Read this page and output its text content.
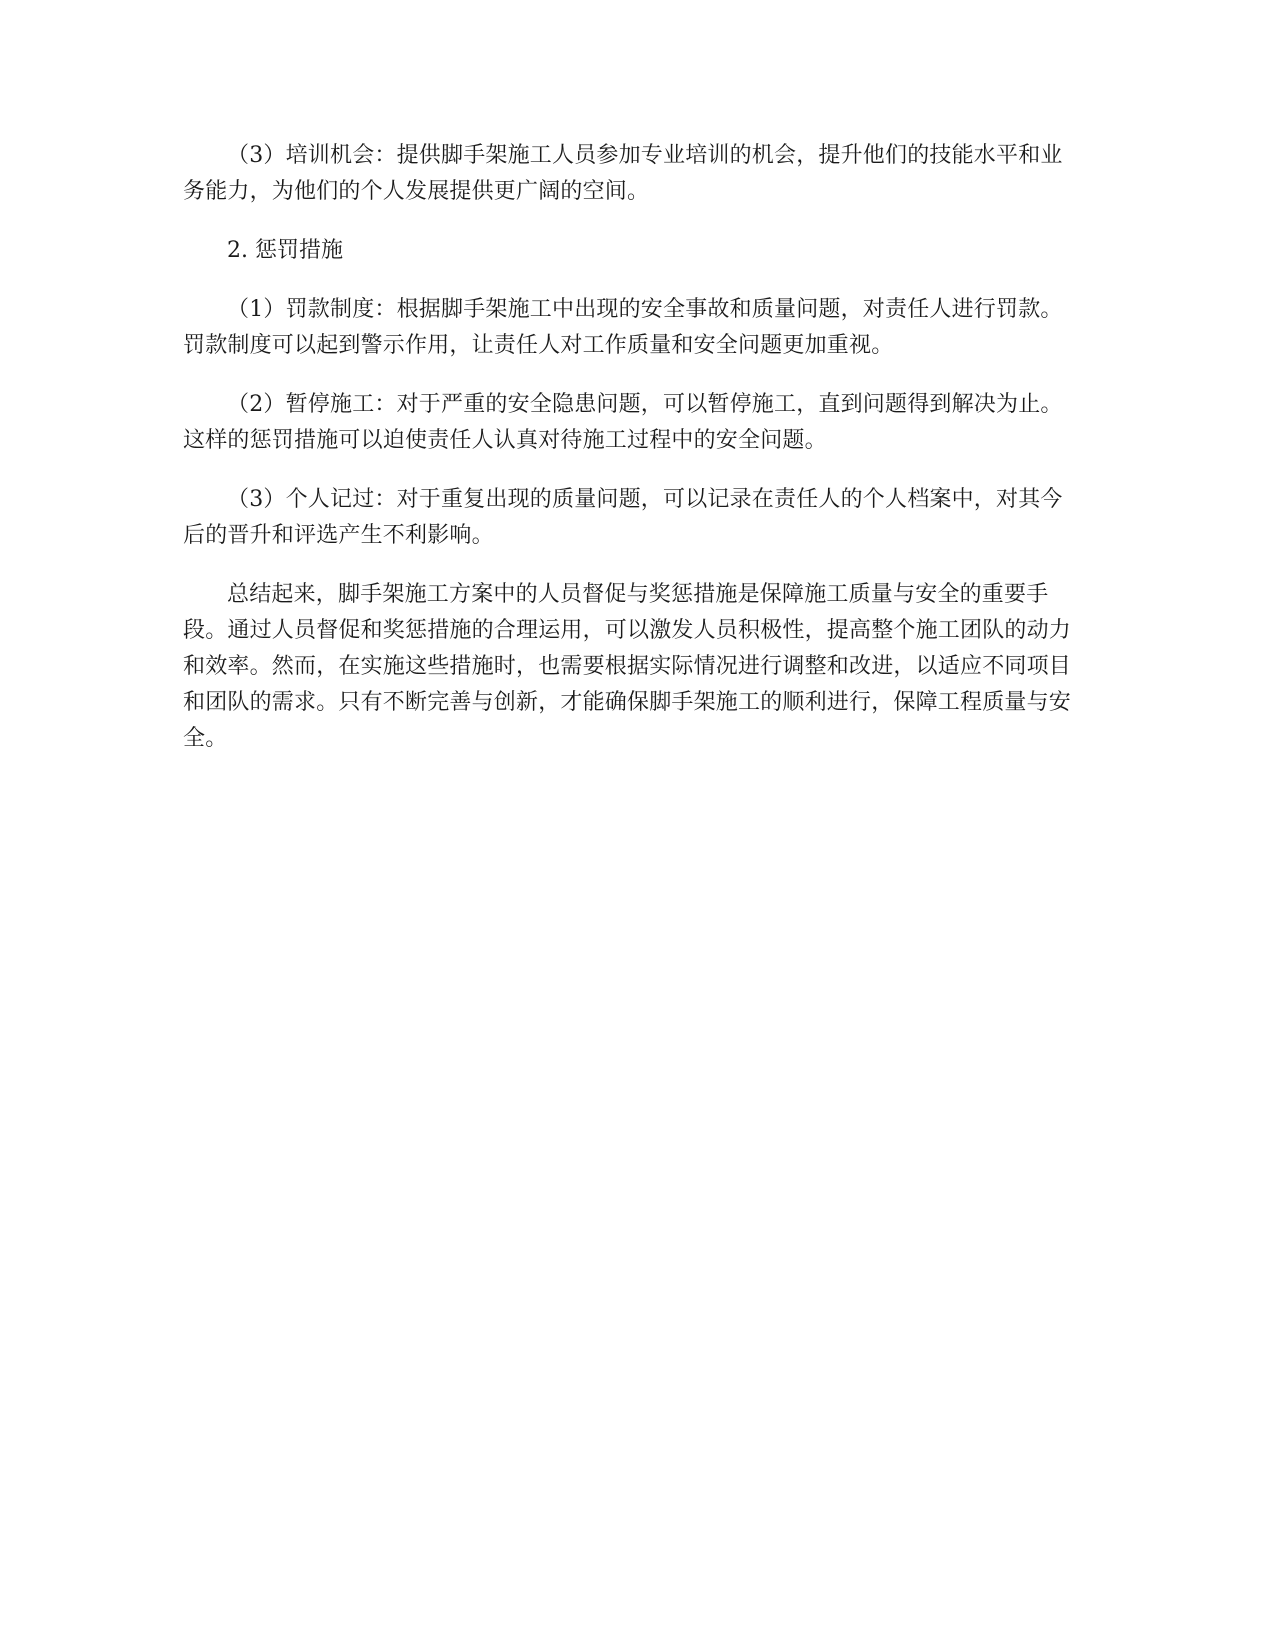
（3）培训机会：提供脚手架施工人员参加专业培训的机会，提升他们的技能水平和业务能力，为他们的个人发展提供更广阔的空间。

2. 惩罚措施

（1）罚款制度：根据脚手架施工中出现的安全事故和质量问题，对责任人进行罚款。罚款制度可以起到警示作用，让责任人对工作质量和安全问题更加重视。

（2）暂停施工：对于严重的安全隐患问题，可以暂停施工，直到问题得到解决为止。这样的惩罚措施可以迫使责任人认真对待施工过程中的安全问题。

（3）个人记过：对于重复出现的质量问题，可以记录在责任人的个人档案中，对其今后的晋升和评选产生不利影响。

总结起来，脚手架施工方案中的人员督促与奖惩措施是保障施工质量与安全的重要手段。通过人员督促和奖惩措施的合理运用，可以激发人员积极性，提高整个施工团队的动力和效率。然而，在实施这些措施时，也需要根据实际情况进行调整和改进，以适应不同项目和团队的需求。只有不断完善与创新，才能确保脚手架施工的顺利进行，保障工程质量与安全。
